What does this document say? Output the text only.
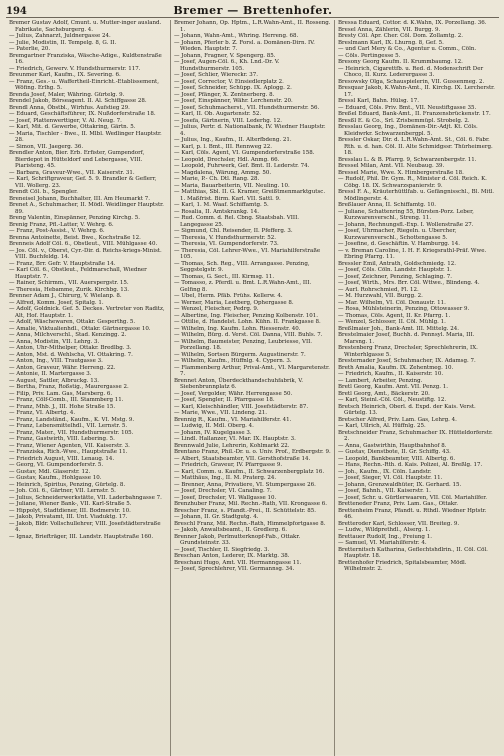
194	Bremer — Brettenhofer.

Bremer Gustav Adolf, Cmunt. u. Mutter-inger ausland. Fabrikate, Sachsburgerg. 4.

— Julius, Zahnarzt, Juldnergasse 24.

— Julie, Modistin, II. Tempelg. 8, G. II.

— Paterlie, 20.

Bremgartner Franziska, Wäsche-Adige., Kuldtenstraße 16.

— Friedrich, Gewerv. V. Hundsthurmerstr. 117.

Breunmer Karl, Kaufm., IX. Severing. 6.

— Franz, Ges.- u. Waffertheil-Einricht.-Etablissement, Wöfing. Erlhg. 5.

Brenda Josef, Maler, Währing. Gürtelg. 9.

Brendel Jakob, Börseagent. II. Al. Schiffgasse 28.

Brendl Anna, Öbstbl., Wirhfus. Aufstieg 29.

— Eduard, Geschäftsführer, IX. Nußdorferstraße 18.

— Josef, Plattenwerttiger, V. Al. Neug. 7.

— Karl, Mit. d. Gewerbe, Ottakring, Gärtn. 5.

— Maria, Tischler - Bwe., II. Mlbl. Wedlinger Hauptstr. 28.

— Simon, VII. Jaegerg. 36.

Brendler Anton, Bier. Erb. Erfister, Gumpendorf, Bierdepot in Hütteldorf und Lebergasse, VIII. Piaristeng. 45.

— Barbara, Graveur-Wwe., VII. Kaiserstr. 31.

— Karl, Schriftgraveur, Gef. 5. 9. Brandler & Geflerr, VII. Wollerg. 23.

Brendt Cöl. b., Spengler.

Breneisel Johann, Buchhalter, III. Am Heumarkt 7.

Brenet A., Schuhmacher, II. Mödl. Weidlinger Hauptstr. 89.

Breng Valentin, Einspänner, Penzing Kirchg. 5.

Brenig Franz, Pfl.-Latter, V. Wehrg. 6.

— Franz, Post-Assist., V. Wehrg. 6.

Brenna Antoinette, Beist. Bwe., Kochstraße 12.

Brenneis Adolf Cöl. 6., Obstleut., VIII. Mühlgasse 40.

— Jos. Cöl. v., Oberst, Cyr.-Dir. d. Reichs-kriegs-Minist. VIII. Buchfeldg. 14.

— Franz, Brr. Gefr. V. Hauptstraße 14.

— Karl Cöl. 6., Obstleut., Feldmarschall, Wiedner Hauptstr. 7.

— Rainer, Schirmm., VII. Auerspergstr. 15.

— Theresia, Hebamme, Zurik. Kirchbg. 13.

Brenner Adam J., Chirurg, V. Wielanp. 8.

— Alfred, Komm. Josef, Spitalg. 1.

— Adolf, Goldnick. Gef. 5. Deckes. Vertreter von Raditz, Alt, Hof. Hauptstr. 1.

— Adolf, Wäschewaren, Ottakr. Gesperthg. 5.

— Amalie, Viktualienhdl., Ottakr. Gärtnergasse 10.

— Anna, Milchverschl., Stad. Kenzingg. 2.

— Anna, Modistin, VII. Lehrg. 3.

— Anton, Uhr-Mithelper, Ottakr. Bredlbg. 3.

— Anton, Mst. d. Wehlscha, VI. Ottakring. 7.

— Anton, Ing., VIII. Trautgasse 3.

— Anton, Graveur, Währ. Herreng. 22.

— Antonie, II. Martergasse 3.

— August, Sattler, Albruckg. 13.

— Bertha, Franz, Roßstig., Maurergasse 2.

— Filip, Priv. Lam. Gas, Marsberg. 6.

— Franz, Cölf-Comb., III. Stammberg 11.

— Franz, Mhb. J., III. Hohe Straße 15.

— Franz, VI. Albertg. 4.

— Franz, Landständ., Kaufm., K. VI. Mstg. 9.

— Franz, Lebensmittelhdl., VII. Lernstr. 5.

— Franz, Mater., VII. Hundsthurmerstr. 105.

— Franz, Gastwirth, VIII. Lebering. 5.

— Franz, Wiener Agenten, VII. Kaiserstr. 3.

— Franziska, Rich.-Wwe., Hauptstraße 11.

— Friedrich August, VIII. Lenaug. 14.

— Georg, VI. Gumpendorferstr. 5.

— Gustav, Mdl. Glaserstr. 12.

— Gustav, Kaufm., Hohlgasse 10.

— Heinrich, Spiritus, Penzing, Gürtelg. 8.

— Joh. Cöl. 6., Gärtner, VII. Lernstr. 5.

— Julius, Schneiderwerkstätte, VII. Laderbahngasse 7.

— Juliane, Wiener Bank-, VII. Karl-Straße 5.

— Hippolyt, Stadtdiener, III. Bodmerstr. 10.

— Jakob, Privatamt, III. Unt. Viaduktg. 17.

— Jakob, Bldr. Vollschullehrer, VIII. Josefstädterstraße 4.

— Ignaz, Briefträger, III. Landstr. Hauptstraße 160.

Bremer Johann, Op. Hptm., L.R.Wahn-Amt., II. Rosseng. 1.

— Johann, Wahn-Amt., Whring. Herreng. 68.

— Johann, Pferler b. Z. Forsl. a. Domänen-Dirn. IV. Wieden. Hauptstr. 7.

— Johann, Fragner, V. Spengerg. 85.

— Josef, Augen-Cöl. 6., Kh. Lnd.-Dr. V. Hundsthurmerstr. 105.

— Josef, Schlier, Wiereckr. 37.

— Josef, Corrector, V. Einsiedlerplatz 2.

— Josef, Schneider, Schüpp. IX. Aplogg. 2.

— Josef, Pfänger, X. Zentnerberg. 8.

— Josef, Einspänner, Währ. Lerchenstr. 20.

— Josef, Schuhmacherst., VII. Hundsthurmerstr. 56.

— Karl, II. Ob. Augartenstr. 52.

— Josefa, Gärtnerin, VIII. Lederhg. 12.

— Julius, Pertr. d. Nationalbank, IV. Wiedner Hauptstr. 4.

— Julius, Ing., Kaufm., II. Alterfbdeng. 21.

— Karl, p. l. Bmt., III. Rennweg 22.

— Karl, Cöls. Agent, VI. Gumpendorferstraße 158.

— Leopold, Drechsler, Hdl. Anmg. 66.

— Leopold, Fuhrwerk, Gef. Bmt. II. Lederstr. 74.

— Magdalena, Wärung, Ammg. 50.

— Marie, P.- Ch. Dtl. Rang. 28.

— Maria, Bauarbeiterin, VII. Neuling. 10.

— Matthias, Sbl. II. G. Kramer, Greißtmenmarktgutsc. 1. Maßfrist. Birm. Karl. VII. Sattl. 9.

— Karl, 1. M. Waaf. Schiffamtg. 5.

— Rosalia, II. Amtskrankg. 14.

— Rud. Comm. d. Rel. Cbng. Staatsbah. VIII. Langegasse 25.

— Sigmund, Chl. Reisender, II. Pfefferg. 3.

— Theresia, V. Hundsthurmerstr. 52.

— Theresia, VI. Gumpendorferstr. 73.

— Theresia, Cöl. Lehrer-Wwe., VI. Mariahilferstraße 105.

— Thomas, Sch. Reg., VIII. Arrangasse. Penzing, Seggstelgstr. 9.

— Thomas, G. Sect., III. Kirmsg. 11.

— Tomasso, z. Pferdl. u. Bmt. L.R.Wahn-Amt., III. Gelfing 8.

— Ubel, Herm. Pfäb. Frühs. Kellerw. 4.

— Werner, Maria, Leetberg, Ophergasse 8.

— Wenzel, Fleischer, Pedrg. 9.

— Albertine, Ing. Fleischer, Penzing Kolbenstr. 101.

— Ottilie, d. Handelst. Lohn. Kühn. II. Frankgasse 8.

— Wilhelm, Ing. Kaufm. Lohn. Riessenstr. 40.

— Wilhelm, Bürg. d. Verst. Cöl. Danna, VIII. Buhls. 7.

— Wilhelm, Baumeister, Penzing, Leubriesse, VII. Porzellang. 18.

— Wilhelm, Sortsen Bürgerm. Augustinerstr. 7.

— Wilhelm, Kaufm., Hüffnlg. 4. Cypern. 3.

— Flammenberg Arthur, Prival-Amt., VI. Margaretenstr. 7.

Brennet Anton, Überdeckthandschuhfabrik, V. Siebenbrunnplatz 6.

— Josef, Vergolder, Währ. Herrengasse 50.

— Josef, Spengler, II. Pfarrgasse 18.

— Karl, Kleischhändler, VIII. Josefstädterstr. 87.

— Marie, Wwe., VII. Lindeng. 21.

Brennig R., Kaufm., VI. Mariahilferstr. 41.

— Ludwig, II. Mdl. Oberg. 4.

— Johann, IV. Kugelgasse 3.

— Lindl. Hallanzer, VI. Mar. IX. Hauptstr. 3.

Brennwald Julie, Lehrerin, Kohlmarkt 22.

Brentano Franz, Phil.-Dr. u. o. Univ. Prof., Erdbergstr. 9.

— Albert, Staatsbeamter, VII. Gersthofstraße 14.

— Friedrich, Graveur, IV. Pfarrgasse 9.

— Karl, Comm. u. Kaufm., II. Schwarzenbergplatz 16.

— Matthäus, Ing., II. M. Praterg. 24.

— Brenner, Anna, Privatiere, VI. Stumpergasse 26.

— Josef, Drechsler, VI. Canaling. 7.

— Josef, Drechsler, VI. Wallgasse 10.

Brenzhuber Franz, Mil. Rechn.-Rath, VII. Krongasse 6.

Brescher Franz, s. Pfandt.-Prei., II. Schüttelstr. 85.

— Johann, II. Gr. Stadtgutg. 4.

Breschl Franz, Mil. Rechn.-Rath, Himmelpfortgasse 8.

— Jakob, Anwaltsbeamt., II. Gredlerg. 6.

Brenner Jakob, Perlmutterknopf-Fab., Ottakr. Grundsteinstr. 33.

— Josef, Tischler, II. Siegfriedg. 3.

Breschan Anton, Lederer, IX. Marktg. 38.

Breschani Hugo, Amt. VII. Hermanngasse 11.

— Josef, Sprechlehrer, VII. Germannsg. 34.

Bressa Eduard, Cottor. d. K.Wahn, IX. Porzellang. 36.

Bresel Anna, Zählerin, VII. Burgg. 9.

Bresty Cöl. Apr. Cher. Cöl. Dom. Zollamtg. 2.

Breslmann Karl, IX. Lhurng. 8, Gef. 5.

— und Carl Mery & Co., Agentur u. Comm., Cöln.

— Cöls. Pertingesse 5.

Bresony Georg Kaufm. II. Krummbaumg. 12.

— Heinrich, Cigarettfb. u. Red. d. Modenschrift Der Choco, II. Kurz. Lederergasse 3.

Bresowsky Olga, Schauspielerin, VII. Gussenmeg. 2.

Bresquar Jakob, K.Wahn-Amt., II. Kirchg. IX. Lercherstr. 17.

Bressl Karl, Bahn. Hülsg. 17.

— Eduard, Cöls. Priv. Bmt., VII. Neustiftgasse 35.

Breßel Eduard, Bank-Amt., II. Franzensbrückenstr. 17.

Bresßl E. & Co., Srl. Zrisbemmüpl. Strobelg. 2.

Bresslau Georg, Ing., Domänen-Dir.-Adjt. Kt. Cöls. Kleidwrkr. Schwarzenbergpl. 5.

Bressler Oskar, Dir. d. L.R.Wahn-Amt. St., Cöl. 6. Fabr. Rth. u. d. han. Cöl. II. Alte Schmidgssr. Thürheimerg. 18.

Bresslau L. & B. Pfarrg. 9, Schwarzenbergstr. 11.

Bressel Milan, Amt. VII. Neubaug. 39.

Bressel Marie, Wwe. X. Himbergerstraße 18.

— Rudolf, Phil. Dr. Gym. R., Minister d. Cöl. Reich. K. Cöbg. 18. IX. Schwarzspanierstr. 9.

Bressl F. A., Kräuterhüttlfab. u. Gefängnisschl., Bl. Mitl. Mödlingerstr. 4.

Breßlauer Anna, II. Schiffamtg. 10.

— Juliane, Schattenring 55, Bürsten-Porz. Leber, Kurzwarenverschl., Streng. 11.

— Johann, Rechnungsfl.-Exp. I. Wollenstraße 27.

— Josef, Uhrmacher, Riegeln. u. Ubercher, Kurzwarenverschl., Schottengasse 5.

— Josefine, d. Geschäftin. V. Hamburgg. 14.

— v. Breman Caroline, I. H. F. Kriegsrathl-Präf. Wwe. Ebring Pfarrg. 11.

Bressler Emil, Antrath, Goldschmiedg. 12.

— Josef, Cöls. Cöln. Landstr. Hauptstr. 1.

— Josef, Zeichner, Penzing, Schlaging. 7.

— Josef, Wirth., Mrs. Brr. Cöl. Wttwe., Blindeng. 4.

— Aurl. Rohrschmied, Fl. 12.

— M. Hurzwahl, VII. Burgg. 2.

— Mar. Wilhelm, VI. Cöl. Donaustr. 11.

— Rosa, Mühlsteinerin, Penzing, Ottowasser 9.

— Thomas, Cöls. Agent, II. Kr. Pfarrg. 1.

— Wenzel, Schlosser, II. Cöl. Mühlg. 1.

Breßlmaier Joh., Bank-Amt. III. Mittelg. 24.

Brestelmaier Josef, Buchh. d. Pennsyl. Maria, III. Marsng. 1.

Brestenberg Franz, Drechsler, Sprechlehrerin, IX. Winterhlgasse 5.

Bresternader Josef, Schuhmacher, IX. Adamsg. 7.

Breth Amalia, Kaufm. IX. Zehentmeg. 10.

— Friedrich, Kaufm., II. Kaiserstr. 10.

— Lambert, Arbeiter, Penzing.

Bretl Georg, Kaufm. Amt. VII. Penzg. 1.

Bretl Georg, Amt., Bäckerstr. 20.

— Karl, Steinl.-Cöl. Cöl., Neustiftg. 12.

Bretsch Heinrich, Oberl. d. Expd. der Kais. Verst. Gürtelg. 13.

Bretscher Alfred, Priv. Lam. Gas, Lehrg. 4.

— Karl, Ullrich, Al. Hüffnlg. 25.

Bretschneider Franz, Schuhmacher IX. Hütteldorferstr. 2.

— Anna, Gastwirthin, Hauptbahnhof 8.

— Gustav, Dienstbote, II. Gr. Schiffg. 43.

— Leopold, Bankbeamter, VIII. Albertg. 6.

— Hans, Rechn.-Rth. d. Kais. Polizei, Al. Breßlg. 17.

— Joh., Kaufm., IX. Cöln. Landstr.

— Josef, Sieger, VI. Cöl. Hauptstr. 11.

— Johann, Grenzwaldhüter, IX. Gerhard. 15.

— Josef, Bahnh., VII. Kaiserstr. 1.

— Josef, Schr. u. Gürtlerwaaren, VII. Cöl. Mariahilfer.

Bretteneder Franz, Priv. Lam. Gas., Ottakr.

Brettenheim Franz, Pfandt. u. Rthdl. Wiedner Hptstr. 46.

Bretteroder Karl, Schlosser, VII. Breiteg. 9.

— Ludw., Wildprethdl., Alserg. 1.

Brettauer Rudolf, Ing., Freiung 1.

— Samuel, VI. Mariahilferstr. 4.

Bretternitsch Katharina, Geflechtshdlrin., II. Cöl. Cöl. Hauptstr. 18.

Brettenhofer Friedrich, Spitalsbeamter, Mödl. Wilhelmstr. 2.
